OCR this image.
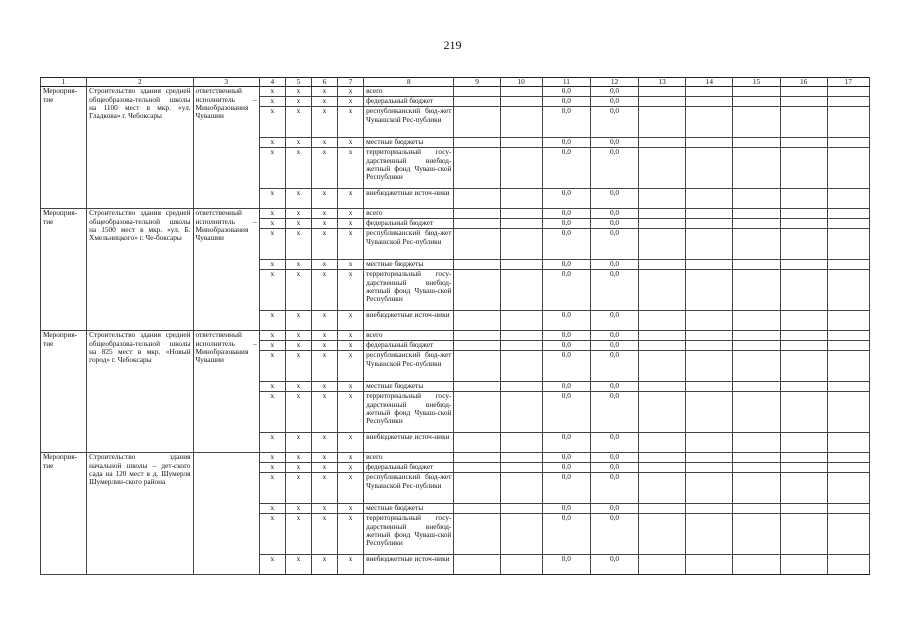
219
1	2	3	4	5	6	7	8	9	10	11	12	13	14	15	16	17
Мероприя-тие	Строительство здания средней общеобразова-тельной школы на 1100 мест в мкр. «ул. Гладкова» г. Чебоксары	ответственный исполнитель – Минобразования Чувашии	х	х	х	х	всего			0,0	0,0					
			х	х	х	х	федеральный бюджет			0,0	0,0					
			х	х	х	х	республиканский бюд-жет Чувашской Рес-публики			0,0	0,0					
			х	х	х	х	местные бюджеты			0,0	0,0					
			х	х	х	х	территориальный госу-дарственный внебюд-жетный фонд Чуваш-ской Республики			0,0	0,0					
			х	х	х	х	внебюджетные источ-ники			0,0	0,0					
Мероприя-тие	Строительство здания средней общеобразова-тельной школы на 1500 мест в мкр. «ул. Б. Хмельницкого» г. Че-боксары	ответственный исполнитель – Минобразования Чувашии	х	х	х	х	всего			0,0	0,0					
			х	х	х	х	федеральный бюджет			0,0	0,0					
			х	х	х	х	республиканский бюд-жет Чувашской Рес-публики			0,0	0,0					
			х	х	х	х	местные бюджеты			0,0	0,0					
			х	х	х	х	территориальный госу-дарственный внебюд-жетный фонд Чуваш-ской Республики			0,0	0,0					
			х	х	х	х	внебюджетные источ-ники			0,0	0,0					
Мероприя-тие	Строительство здания средней общеобразова-тельной школы на 825 мест в мкр. «Новый город» г. Чебоксары	ответственный исполнитель – Минобразования Чувашии	х	х	х	х	всего			0,0	0,0					
			х	х	х	х	федеральный бюджет			0,0	0,0					
			х	х	х	х	республиканский бюд-жет Чувашской Рес-публики			0,0	0,0					
			х	х	х	х	местные бюджеты			0,0	0,0					
			х	х	х	х	территориальный госу-дарственный внебюд-жетный фонд Чуваш-ской Республики			0,0	0,0					
			х	х	х	х	внебюджетные источ-ники			0,0	0,0					
Мероприя-тие	Строительство здания начальной школы – дет-ского сада на 120 мест в д. Шумерля Шумерлин-ского района		х	х	х	х	всего			0,0	0,0					
			х	х	х	х	федеральный бюджет			0,0	0,0					
			х	х	х	х	республиканский бюд-жет Чувашской Рес-публики			0,0	0,0					
			х	х	х	х	местные бюджеты			0,0	0,0					
			х	х	х	х	территориальный госу-дарственный внебюд-жетный фонд Чуваш-ской Республики			0,0	0,0					
			х	х	х	х	внебюджетные источ-ники			0,0	0,0					
